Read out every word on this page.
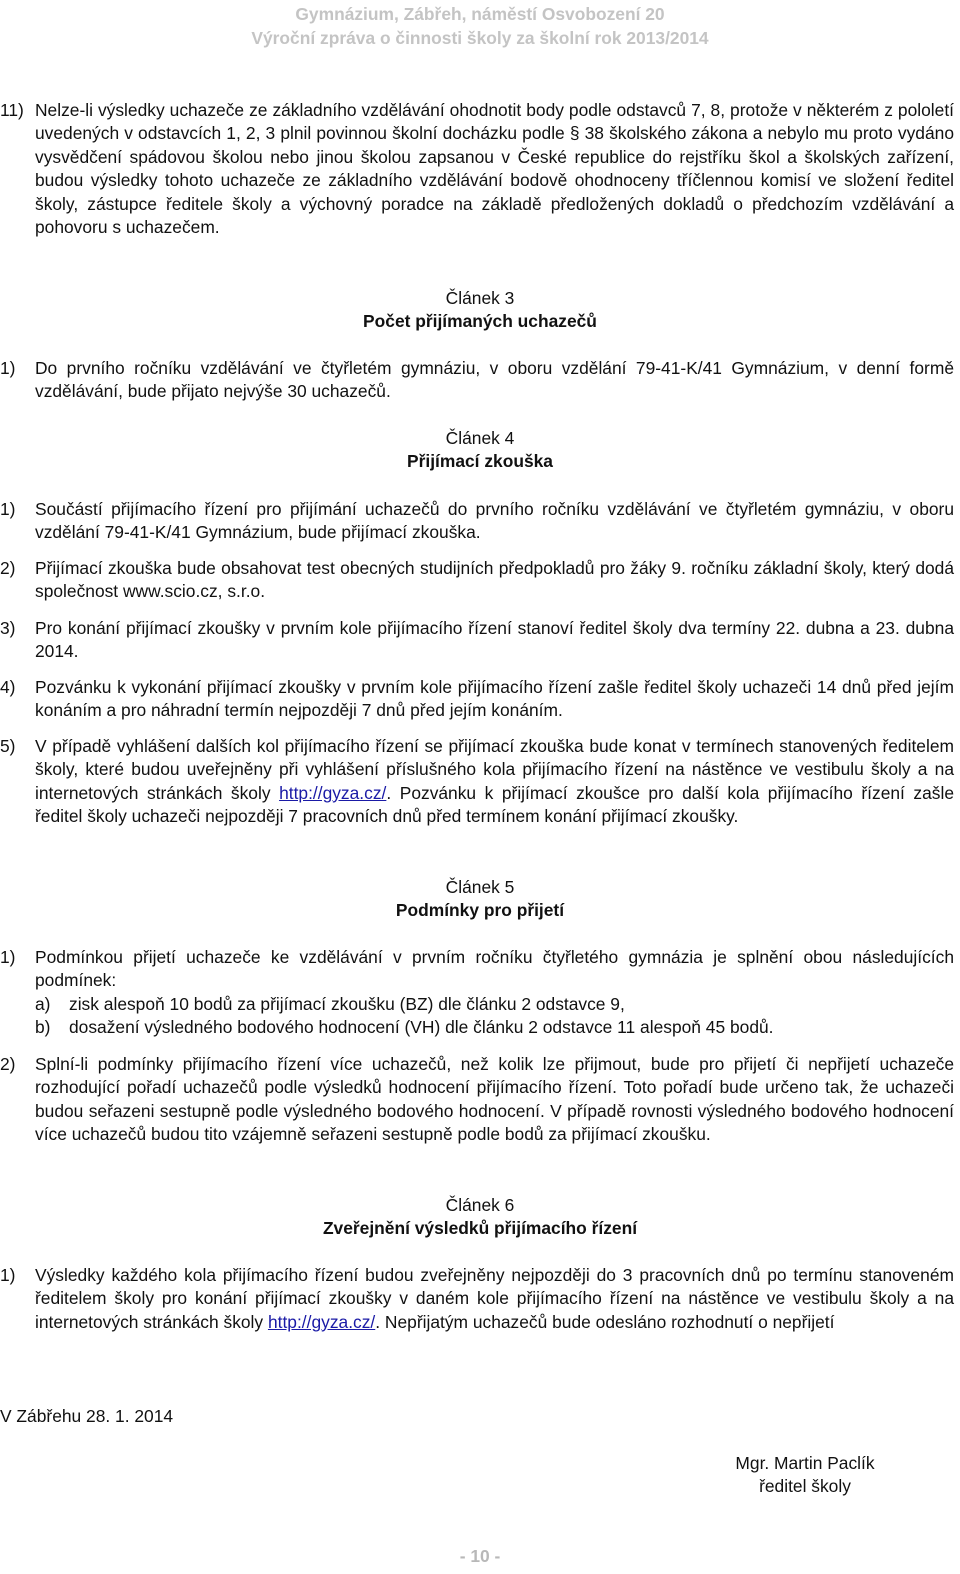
Gymnázium, Zábřeh, náměstí Osvobození 20
Výroční zpráva o činnosti školy za školní rok 2013/2014
11) Nelze-li výsledky uchazeče ze základního vzdělávání ohodnotit body podle odstavců 7, 8, protože v některém z pololetí uvedených v odstavcích 1, 2, 3 plnil povinnou školní docházku podle § 38 školského zákona a nebylo mu proto vydáno vysvědčení spádovou školou nebo jinou školou zapsanou v České republice do rejstříku škol a školských zařízení, budou výsledky tohoto uchazeče ze základního vzdělávání bodově ohodnoceny tříčlennou komisí ve složení ředitel školy, zástupce ředitele školy a výchovný poradce na základě předložených dokladů o předchozím vzdělávání a pohovoru s uchazečem.
Článek 3
Počet přijímaných uchazečů
1) Do prvního ročníku vzdělávání ve čtyřletém gymnáziu, v oboru vzdělání 79-41-K/41 Gymnázium, v denní formě vzdělávání, bude přijato nejvýše 30 uchazečů.
Článek 4
Přijímací zkouška
1) Součástí přijímacího řízení pro přijímání uchazečů do prvního ročníku vzdělávání ve čtyřletém gymnáziu, v oboru vzdělání 79-41-K/41 Gymnázium, bude přijímací zkouška.
2) Přijímací zkouška bude obsahovat test obecných studijních předpokladů pro žáky 9. ročníku základní školy, který dodá společnost www.scio.cz, s.r.o.
3) Pro konání přijímací zkoušky v prvním kole přijímacího řízení stanoví ředitel školy dva termíny 22. dubna a 23. dubna 2014.
4) Pozvánku k vykonání přijímací zkoušky v prvním kole přijímacího řízení zašle ředitel školy uchazeči 14 dnů před jejím konáním a pro náhradní termín nejpozději 7 dnů před jejím konáním.
5) V případě vyhlášení dalších kol přijímacího řízení se přijímací zkouška bude konat v termínech stanovených ředitelem školy, které budou uveřejněny při vyhlášení příslušného kola přijímacího řízení na nástěnce ve vestibulu školy a na internetových stránkách školy http://gyza.cz/. Pozvánku k přijímací zkoušce pro další kola přijímacího řízení zašle ředitel školy uchazeči nejpozději 7 pracovních dnů před termínem konání přijímací zkoušky.
Článek 5
Podmínky pro přijetí
1) Podmínkou přijetí uchazeče ke vzdělávání v prvním ročníku čtyřletého gymnázia je splnění obou následujících podmínek:
a) zisk alespoň 10 bodů za přijímací zkoušku (BZ) dle článku 2 odstavce 9,
b) dosažení výsledného bodového hodnocení (VH) dle článku 2 odstavce 11 alespoň 45 bodů.
2) Splní-li podmínky přijímacího řízení více uchazečů, než kolik lze přijmout, bude pro přijetí či nepřijetí uchazeče rozhodující pořadí uchazečů podle výsledků hodnocení přijímacího řízení. Toto pořadí bude určeno tak, že uchazeči budou seřazeni sestupně podle výsledného bodového hodnocení. V případě rovnosti výsledného bodového hodnocení více uchazečů budou tito vzájemně seřazeni sestupně podle bodů za přijímací zkoušku.
Článek 6
Zveřejnění výsledků přijímacího řízení
1) Výsledky každého kola přijímacího řízení budou zveřejněny nejpozději do 3 pracovních dnů po termínu stanoveném ředitelem školy pro konání přijímací zkoušky v daném kole přijímacího řízení na nástěnce ve vestibulu školy a na internetových stránkách školy http://gyza.cz/. Nepřijatým uchazečů bude odesláno rozhodnutí o nepřijetí
V Zábřehu 28. 1. 2014
Mgr. Martin Paclík
ředitel školy
- 10 -
